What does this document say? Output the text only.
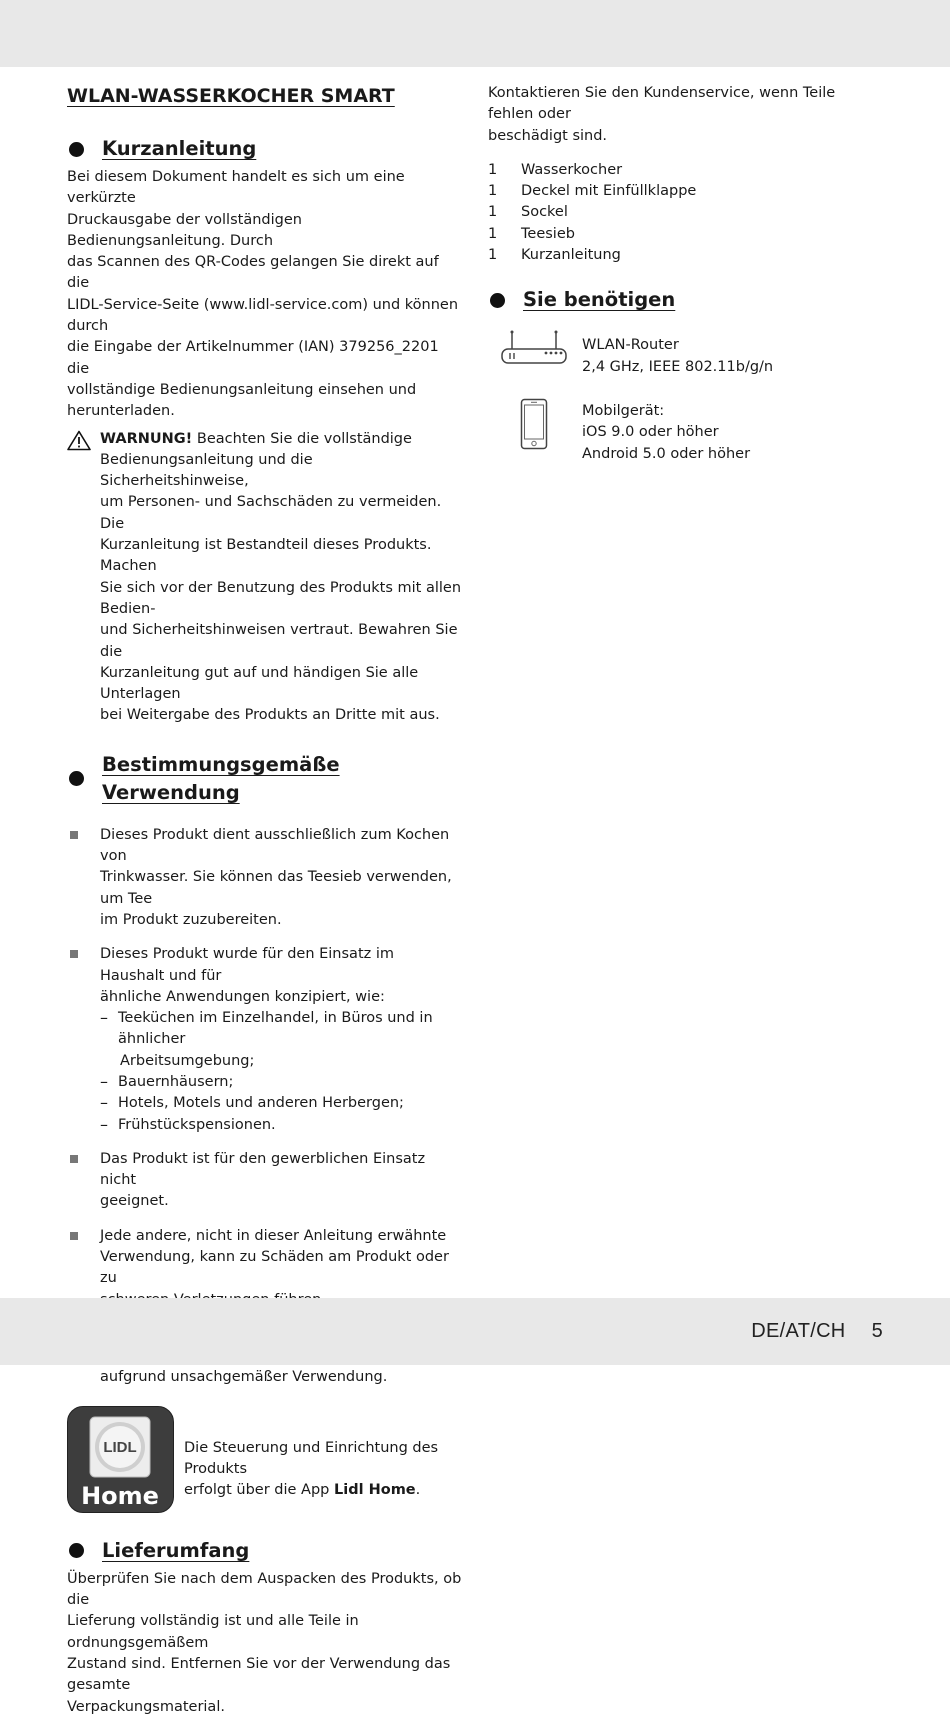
WLAN-WASSERKOCHER SMART
Kurzanleitung

Bei diesem Dokument handelt es sich um eine verkürzte

Druckausgabe der vollständigen Bedienungsanleitung. Durch

das Scannen des QR-Codes gelangen Sie direkt auf die

LIDL-Service-Seite (www.lidl-service.com) und können durch

die Eingabe der Artikelnummer (IAN) 379256_2201 die

vollständige Bedienungsanleitung einsehen und herunterladen.

WARNUNG! Beachten Sie die vollständige

Bedienungsanleitung und die Sicherheitshinweise,

um Personen- und Sachschäden zu vermeiden. Die

Kurzanleitung ist Bestandteil dieses Produkts. Machen

Sie sich vor der Benutzung des Produkts mit allen Bedien-

und Sicherheitshinweisen vertraut. Bewahren Sie die

Kurzanleitung gut auf und händigen Sie alle Unterlagen

bei Weitergabe des Produkts an Dritte mit aus.

Bestimmungsgemäße Verwendung

Dieses Produkt dient ausschließlich zum Kochen von

Trinkwasser. Sie können das Teesieb verwenden, um Tee

im Produkt zuzubereiten.

Dieses Produkt wurde für den Einsatz im Haushalt und für

ähnliche Anwendungen konzipiert, wie:

– Teeküchen im Einzelhandel, in Büros und in ähnlicher

Arbeitsumgebung;

– Bauernhäusern;

– Hotels, Motels und anderen Herbergen;

– Frühstückspensionen.

Das Produkt ist für den gewerblichen Einsatz nicht

geeignet.

Jede andere, nicht in dieser Anleitung erwähnte

Verwendung, kann zu Schäden am Produkt oder zu

aufgrund unsachgemäßer Verwendung.

LIDL
Home

Die Steuerung und Einrichtung des Produkts

erfolgt über die App Lidl Home.

Lieferumfang

Überprüfen Sie nach dem Auspacken des Produkts, ob die

Lieferung vollständig ist und alle Teile in ordnungsgemäßem

Zustand sind. Entfernen Sie vor der Verwendung das gesamte

Verpackungsmaterial.

Kontaktieren Sie den Kundenservice, wenn Teile fehlen oder

beschädigt sind.

1	Wasserkocher
1	Deckel mit Einfüllklappe
1	Sockel
1	Teesieb
1	Kurzanleitung
Sie benötigen

WLAN-Router

2,4 GHz, IEEE 802.11b/g/n

Mobilgerät:

iOS 9.0 oder höher

Android 5.0 oder höher

DE/AT/CH 5
